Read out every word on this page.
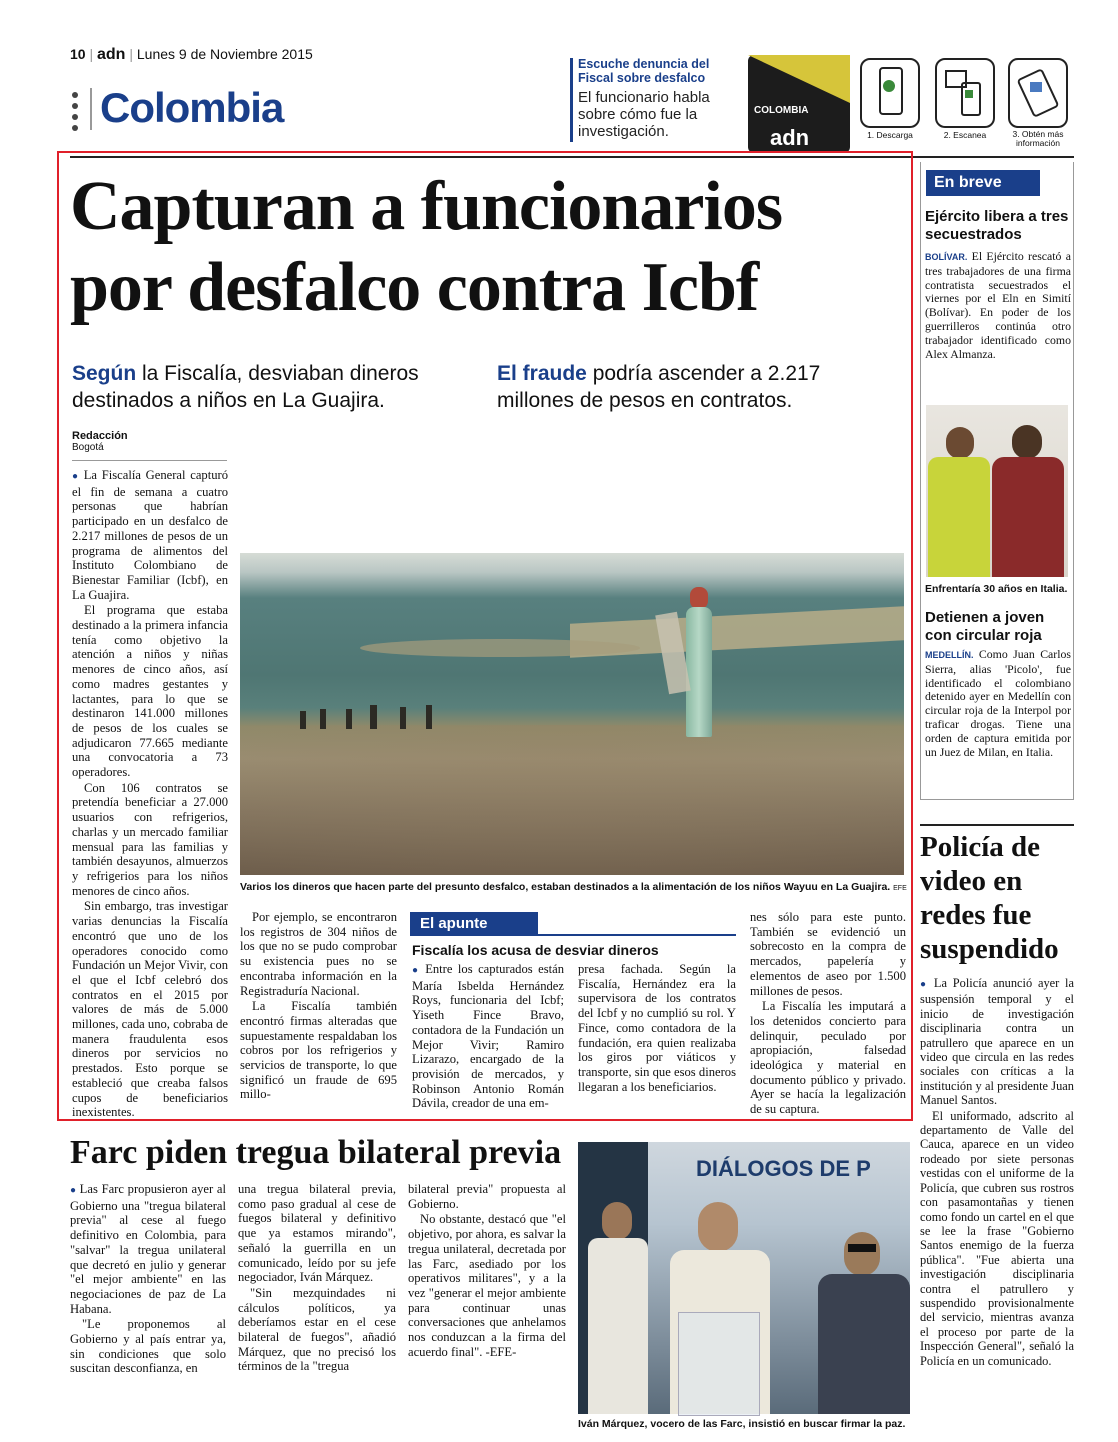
10 | adn | Lunes 9 de Noviembre 2015
Colombia
Escuche denuncia del Fiscal sobre desfalco
El funcionario habla sobre cómo fue la investigación.
COLOMBIA
adn	1. Descarga	2. Escanea	3. Obtén más información
Capturan a funcionarios
por desfalco contra Icbf
Según la Fiscalía, desviaban dineros destinados a niños en La Guajira.
El fraude podría ascender a 2.217 millones de pesos en contratos.
Redacción
Bogotá

● La Fiscalía General capturó el fin de semana a cuatro personas que habrían participado en un desfalco de 2.217 millones de pesos de un programa de alimentos del Instituto Colombiano de Bienestar Familiar (Icbf), en La Guajira.

El programa que estaba destinado a la primera infancia tenía como objetivo la atención a niños y niñas menores de cinco años, así como madres gestantes y lactantes, para lo que se destinaron 141.000 millones de pesos de los cuales se adjudicaron 77.665 mediante una convocatoria a 73 operadores.

Con 106 contratos se pretendía beneficiar a 27.000 usuarios con refrigerios, charlas y un mercado familiar mensual para las familias y también desayunos, almuerzos y refrigerios para los niños menores de cinco años.

Sin embargo, tras investigar varias denuncias la Fiscalía encontró que uno de los operadores conocido como Fundación un Mejor Vivir, con el que el Icbf celebró dos contratos en el 2015 por valores de más de 5.000 millones, cada uno, cobraba de manera fraudulenta esos dineros por servicios no prestados. Esto porque se estableció que creaba falsos cupos de beneficiarios inexistentes.

Varios los dineros que hacen parte del presunto desfalco, estaban destinados a la alimentación de los niños Wayuu en La Guajira. EFE

Por ejemplo, se encontraron los registros de 304 niños de los que no se pudo comprobar su existencia pues no se encontraba información en la Registraduría Nacional.

La Fiscalía también encontró firmas alteradas que supuestamente respaldaban los cobros por los refrigerios y servicios de transporte, lo que significó un fraude de 695 millo-

El apunte
Fiscalía los acusa de desviar dineros

● Entre los capturados están María Isbelda Hernández Roys, funcionaria del Icbf; Yiseth Fince Bravo, contadora de la Fundación un Mejor Vivir; Ramiro Lizarazo, encargado de la provisión de mercados, y Robinson Antonio Román Dávila, creador de una em-

presa fachada. Según la Fiscalía, Hernández era la supervisora de los contratos del Icbf y no cumplió su rol. Y Fince, como contadora de la fundación, era quien realizaba los giros por viáticos y transporte, sin que esos dineros llegaran a los beneficiarios.

nes sólo para este punto. También se evidenció un sobrecosto en la compra de mercados, papelería y elementos de aseo por 1.500 millones de pesos.

La Fiscalía les imputará a los detenidos concierto para delinquir, peculado por apropiación, falsedad ideológica y material en documento público y privado. Ayer se hacía la legalización de su captura.

En breve
Ejército libera a tres secuestrados

BOLÍVAR. El Ejército rescató a tres trabajadores de una firma contratista secuestrados el viernes por el Eln en Simití (Bolívar). En poder de los guerrilleros continúa otro trabajador identificado como Alex Almanza.

Enfrentaría 30 años en Italia.
Detienen a joven con circular roja

MEDELLÍN. Como Juan Carlos Sierra, alias 'Picolo', fue identificado el colombiano detenido ayer en Medellín con circular roja de la Interpol por traficar drogas. Tiene una orden de captura emitida por un Juez de Milan, en Italia.

Policía de video en redes fue suspendido

● La Policía anunció ayer la suspensión temporal y el inicio de investigación disciplinaria contra un patrullero que aparece en un video que circula en las redes sociales con críticas a la institución y al presidente Juan Manuel Santos.

El uniformado, adscrito al departamento de Valle del Cauca, aparece en un video rodeado por siete personas vestidas con el uniforme de la Policía, que cubren sus rostros con pasamontañas y tienen como fondo un cartel en el que se lee la frase "Gobierno Santos enemigo de la fuerza pública". "Fue abierta una investigación disciplinaria contra el patrullero y suspendido provisionalmente del servicio, mientras avanza el proceso por parte de la Inspección General", señaló la Policía en un comunicado.

Farc piden tregua bilateral previa

● Las Farc propusieron ayer al Gobierno una "tregua bilateral previa" al cese al fuego definitivo en Colombia, para "salvar" la tregua unilateral que decretó en julio y generar "el mejor ambiente" en las negociaciones de paz de La Habana.

"Le proponemos al Gobierno y al país entrar ya, sin condiciones que solo suscitan desconfianza, en

una tregua bilateral previa, como paso gradual al cese de fuegos bilateral y definitivo que ya estamos mirando", señaló la guerrilla en un comunicado, leído por su jefe negociador, Iván Márquez.

"Sin mezquindades ni cálculos políticos, ya deberíamos estar en el cese bilateral de fuegos", añadió Márquez, que no precisó los términos de la "tregua

bilateral previa" propuesta al Gobierno.

No obstante, destacó que "el objetivo, por ahora, es salvar la tregua unilateral, decretada por las Farc, asediado por los operativos militares", y a la vez "generar el mejor ambiente para continuar unas conversaciones que anhelamos nos conduzcan a la firma del acuerdo final". -EFE-

DIÁLOGOS DE P
Iván Márquez, vocero de las Farc, insistió en buscar firmar la paz.
